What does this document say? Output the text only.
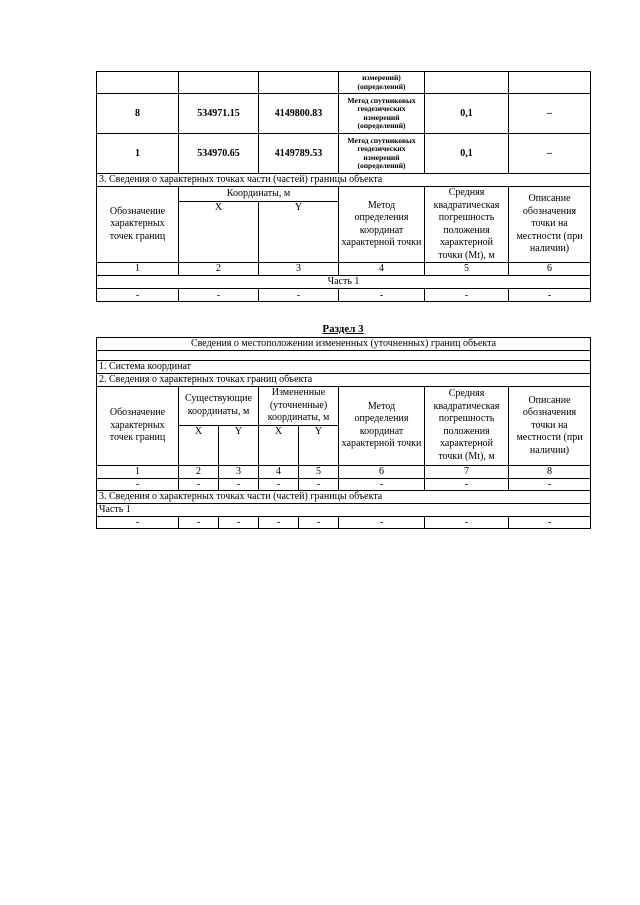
			измерений) (определений)		
8	534971.15	4149800.83	Метод спутниковых геодезических измерений (определений)	0,1	–
1	534970.65	4149789.53	Метод спутниковых геодезических измерений (определений)	0,1	–
3. Сведения о характерных точках части (частей) границы объекта					
Обозначение характерных точек границ	Координаты, м		Метод определения координат характерной точки	Средняя квадратическая погрешность положения характерной точки (Mt), м	Описание обозначения точки на местности (при наличии)
	X	Y			
1	2	3	4	5	6
Часть 1					
-	-	-	-	-	-
Раздел 3
Сведения о местоположении измененных (уточненных) границ объекта							

1. Система координат							
2. Сведения о характерных точках границ объекта							
Обозначение характерных точек границ	Существующие координаты, м		Измененные (уточненные) координаты, м		Метод определения координат характерной точки	Средняя квадратическая погрешность положения характерной точки (Mt), м	Описание обозначения точки на местности (при наличии)
	X	Y	X	Y			
1	2	3	4	5	6	7	8
-	-	-	-	-	-	-	-
3. Сведения о характерных точках части (частей) границы объекта							
Часть 1							
-	-	-	-	-	-	-	-
